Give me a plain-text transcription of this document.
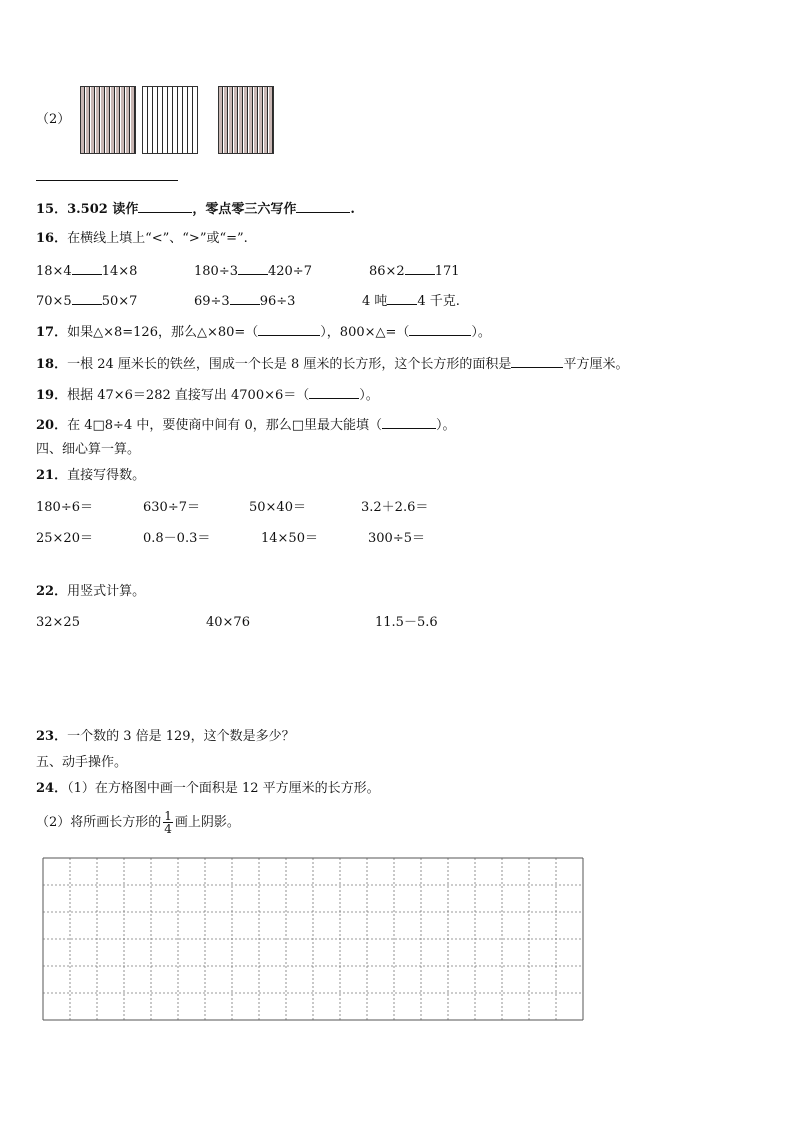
（2）
15．3.502 读作	，零点零三六写作	.
16．在横线上填上“<”、“>”或“=”.
18×4 14×8	180÷3 420÷7	86×2 171
70×5 50×7	69÷3 96÷3	4 吨 4 千克.
17．如果△×8=126，那么△×80=（	），800×△=（	）。
18．一根 24 厘米长的铁丝，围成一个长是 8 厘米的长方形，这个长方形的面积是	平方厘米。
19．根据 47×6＝282 直接写出 4700×6＝（	）。
20．在 4□8÷4 中，要使商中间有 0，那么□里最大能填（	）。
四、细心算一算。
21．直接写得数。
180÷6＝	630÷7＝	50×40＝	3.2＋2.6＝
25×20＝	0.8－0.3＝	14×50＝	300÷5＝
22．用竖式计算。
32×25	40×76	11.5－5.6
23．一个数的 3 倍是 129，这个数是多少？
五、动手操作。
24．（1）在方格图中画一个面积是 12 平方厘米的长方形。
（2）将所画长方形的 $\frac{1}{4}$ 画上阴影。
